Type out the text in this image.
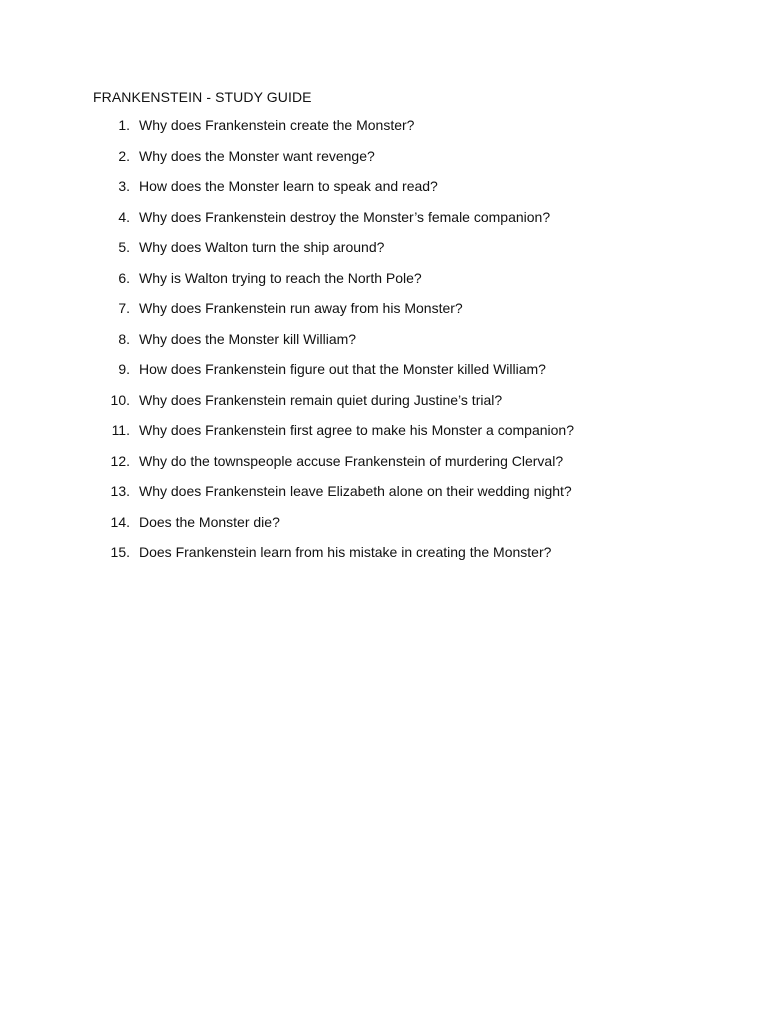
FRANKENSTEIN - STUDY GUIDE
1. Why does Frankenstein create the Monster?
2. Why does the Monster want revenge?
3. How does the Monster learn to speak and read?
4. Why does Frankenstein destroy the Monster’s female companion?
5. Why does Walton turn the ship around?
6. Why is Walton trying to reach the North Pole?
7. Why does Frankenstein run away from his Monster?
8. Why does the Monster kill William?
9. How does Frankenstein figure out that the Monster killed William?
10. Why does Frankenstein remain quiet during Justine’s trial?
11. Why does Frankenstein first agree to make his Monster a companion?
12. Why do the townspeople accuse Frankenstein of murdering Clerval?
13. Why does Frankenstein leave Elizabeth alone on their wedding night?
14. Does the Monster die?
15. Does Frankenstein learn from his mistake in creating the Monster?
